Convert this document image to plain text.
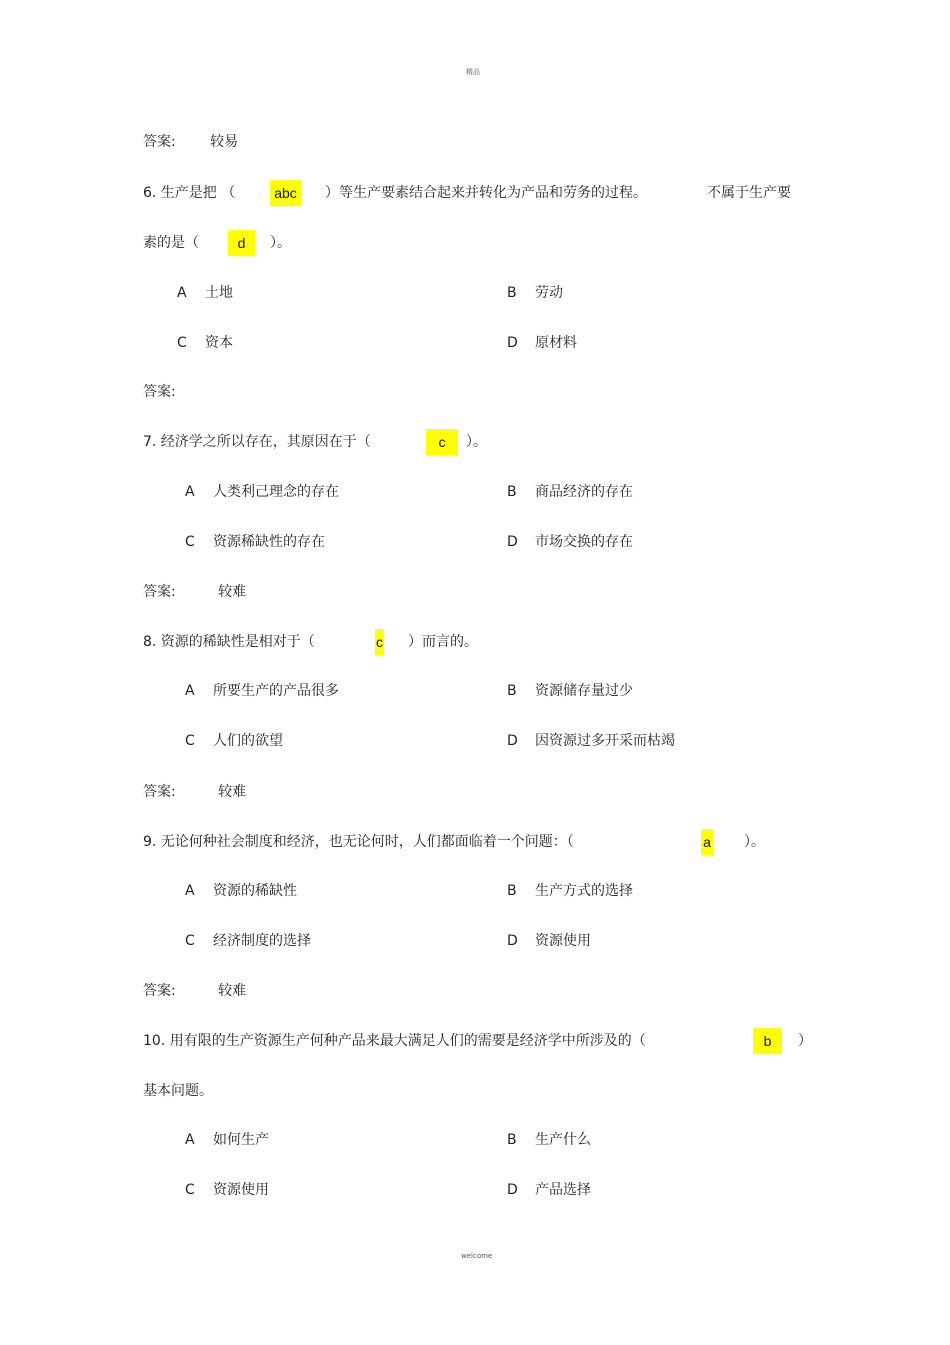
精品
答案: 较易
6. 生产是把 （	abc	）等生产要素结合起来并转化为产品和劳务的过程。	不属于生产要
素的是（	d	）。
A 土地	B 劳动
C 资本	D 原材料
答案:
7. 经济学之所以存在，其原因在于（	c	）。
A 人类利己理念的存在	B 商品经济的存在
C 资源稀缺性的存在	D 市场交换的存在
答案:	较难
8. 资源的稀缺性是相对于（	c ）而言的。
A 所要生产的产品很多	B 资源储存量过少
C 人们的欲望	D 因资源过多开采而枯竭
答案:	较难
9. 无论何种社会制度和经济，也无论何时，人们都面临着一个问题：（	a ）。
A 资源的稀缺性	B 生产方式的选择
C 经济制度的选择	D 资源使用
答案:	较难
10. 用有限的生产资源生产何种产品来最大满足人们的需要是经济学中所涉及的（	b	）
基本问题。
A 如何生产	B 生产什么
C 资源使用	D 产品选择
welcome
